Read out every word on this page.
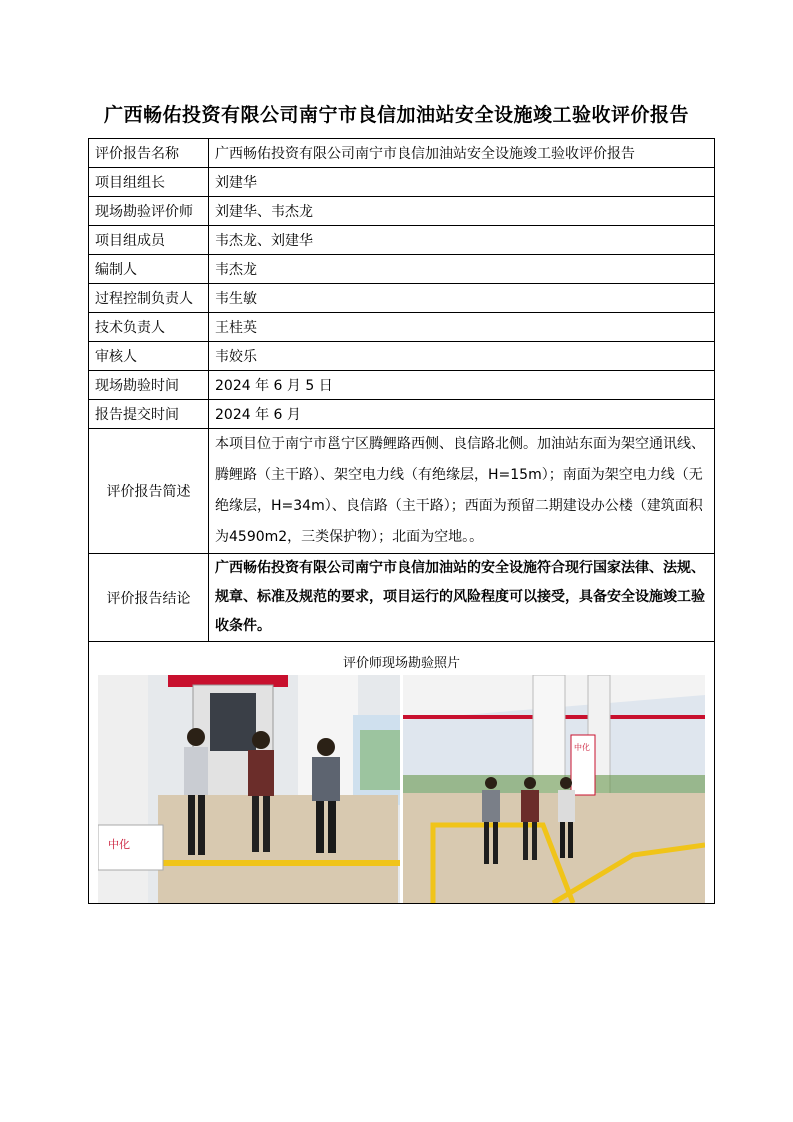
广西畅佑投资有限公司南宁市良信加油站安全设施竣工验收评价报告
评价报告名称	广西畅佑投资有限公司南宁市良信加油站安全设施竣工验收评价报告
项目组组长	刘建华
现场勘验评价师	刘建华、韦杰龙
项目组成员	韦杰龙、刘建华
编制人	韦杰龙
过程控制负责人	韦生敏
技术负责人	王桂英
审核人	韦姣乐
现场勘验时间	2024 年 6 月 5 日
报告提交时间	2024 年 6 月
评价报告简述	本项目位于南宁市邕宁区腾鲤路西侧、良信路北侧。加油站东面为架空通讯线、腾鲤路（主干路）、架空电力线（有绝缘层，H=15m）；南面为架空电力线（无绝缘层，H=34m）、良信路（主干路）；西面为预留二期建设办公楼（建筑面积为4590m2，三类保护物）；北面为空地。。
评价报告结论	广西畅佑投资有限公司南宁市良信加油站的安全设施符合现行国家法律、法规、规章、标准及规范的要求，项目运行的风险程度可以接受，具备安全设施竣工验收条件。

评价师现场勘验照片
中化
中化	
